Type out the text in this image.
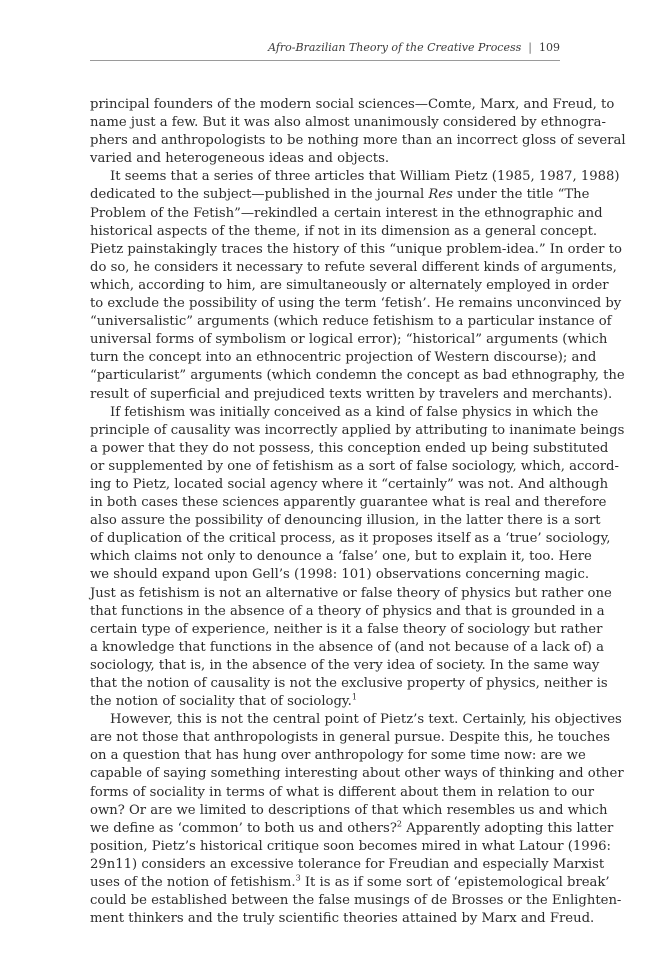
Afro-Brazilian Theory of the Creative Process | 109

principal founders of the modern social sciences—Comte, Marx, and Freud, to
name just a few. But it was also almost unanimously considered by ethnogra-
phers and anthropologists to be nothing more than an incorrect gloss of several
varied and heterogeneous ideas and objects.

It seems that a series of three articles that William Pietz (1985, 1987, 1988)
dedicated to the subject—published in the journal Res under the title “The
Problem of the Fetish”—rekindled a certain interest in the ethnographic and
historical aspects of the theme, if not in its dimension as a general concept.
Pietz painstakingly traces the history of this “unique problem-idea.” In order to
do so, he considers it necessary to refute several different kinds of arguments,
which, according to him, are simultaneously or alternately employed in order
to exclude the possibility of using the term ‘fetish’. He remains unconvinced by
“universalistic” arguments (which reduce fetishism to a particular instance of
universal forms of symbolism or logical error); “historical” arguments (which
turn the concept into an ethnocentric projection of Western discourse); and
“particularist” arguments (which condemn the concept as bad ethnography, the
result of superficial and prejudiced texts written by travelers and merchants).

If fetishism was initially conceived as a kind of false physics in which the
principle of causality was incorrectly applied by attributing to inanimate beings
a power that they do not possess, this conception ended up being substituted
or supplemented by one of fetishism as a sort of false sociology, which, accord-
ing to Pietz, located social agency where it “certainly” was not. And although
in both cases these sciences apparently guarantee what is real and therefore
also assure the possibility of denouncing illusion, in the latter there is a sort
of duplication of the critical process, as it proposes itself as a ‘true’ sociology,
which claims not only to denounce a ‘false’ one, but to explain it, too. Here
we should expand upon Gell’s (1998: 101) observations concerning magic.
Just as fetishism is not an alternative or false theory of physics but rather one
that functions in the absence of a theory of physics and that is grounded in a
certain type of experience, neither is it a false theory of sociology but rather
a knowledge that functions in the absence of (and not because of a lack of) a
sociology, that is, in the absence of the very idea of society. In the same way
that the notion of causality is not the exclusive property of physics, neither is
the notion of sociality that of sociology.$^1$

However, this is not the central point of Pietz’s text. Certainly, his objectives
are not those that anthropologists in general pursue. Despite this, he touches
on a question that has hung over anthropology for some time now: are we
capable of saying something interesting about other ways of thinking and other
forms of sociality in terms of what is different about them in relation to our
own? Or are we limited to descriptions of that which resembles us and which
we define as ‘common’ to both us and others?$^2$ Apparently adopting this latter
position, Pietz’s historical critique soon becomes mired in what Latour (1996:
29n11) considers an excessive tolerance for Freudian and especially Marxist
uses of the notion of fetishism.$^3$ It is as if some sort of ‘epistemological break’
could be established between the false musings of de Brosses or the Enlighten-
ment thinkers and the truly scientific theories attained by Marx and Freud.
